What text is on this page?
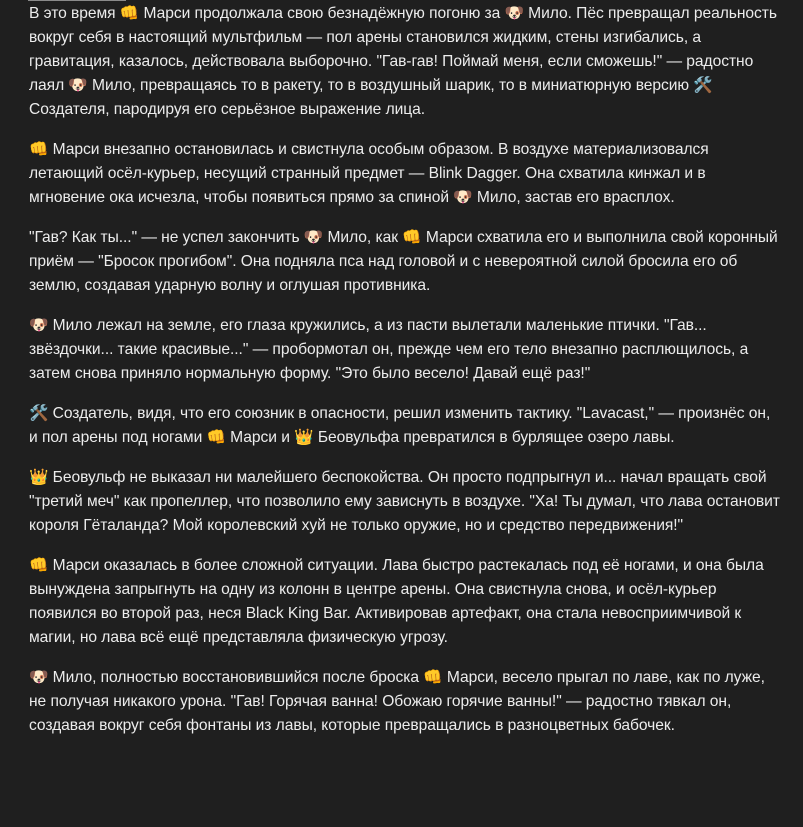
В это время 👊 Марси продолжала свою безнадёжную погоню за 🐶 Мило. Пёс превращал реальность вокруг себя в настоящий мультфильм — пол арены становился жидким, стены изгибались, а гравитация, казалось, действовала выборочно. "Гав-гав! Поймай меня, если сможешь!" — радостно лаял 🐶 Мило, превращаясь то в ракету, то в воздушный шарик, то в миниатюрную версию 🛠️ Создателя, пародируя его серьёзное выражение лица.

👊 Марси внезапно остановилась и свистнула особым образом. В воздухе материализовался летающий осёл-курьер, несущий странный предмет — Blink Dagger. Она схватила кинжал и в мгновение ока исчезла, чтобы появиться прямо за спиной 🐶 Мило, застав его врасплох.

"Гав? Как ты..." — не успел закончить 🐶 Мило, как 👊 Марси схватила его и выполнила свой коронный приём — "Бросок прогибом". Она подняла пса над головой и с невероятной силой бросила его об землю, создавая ударную волну и оглушая противника.

🐶 Мило лежал на земле, его глаза кружились, а из пасти вылетали маленькие птички. "Гав... звёздочки... такие красивые..." — пробормотал он, прежде чем его тело внезапно расплющилось, а затем снова приняло нормальную форму. "Это было весело! Давай ещё раз!"

🛠️ Создатель, видя, что его союзник в опасности, решил изменить тактику. "Lavacast," — произнёс он, и пол арены под ногами 👊 Марси и 👑 Беовульфа превратился в бурлящее озеро лавы.

👑 Беовульф не выказал ни малейшего беспокойства. Он просто подпрыгнул и... начал вращать свой "третий меч" как пропеллер, что позволило ему зависнуть в воздухе. "Ха! Ты думал, что лава остановит короля Гёталанда? Мой королевский хуй не только оружие, но и средство передвижения!"

👊 Марси оказалась в более сложной ситуации. Лава быстро растекалась под её ногами, и она была вынуждена запрыгнуть на одну из колонн в центре арены. Она свистнула снова, и осёл-курьер появился во второй раз, неся Black King Bar. Активировав артефакт, она стала невосприимчивой к магии, но лава всё ещё представляла физическую угрозу.

🐶 Мило, полностью восстановившийся после броска 👊 Марси, весело прыгал по лаве, как по луже, не получая никакого урона. "Гав! Горячая ванна! Обожаю горячие ванны!" — радостно тявкал он, создавая вокруг себя фонтаны из лавы, которые превращались в разноцветных бабочек.
